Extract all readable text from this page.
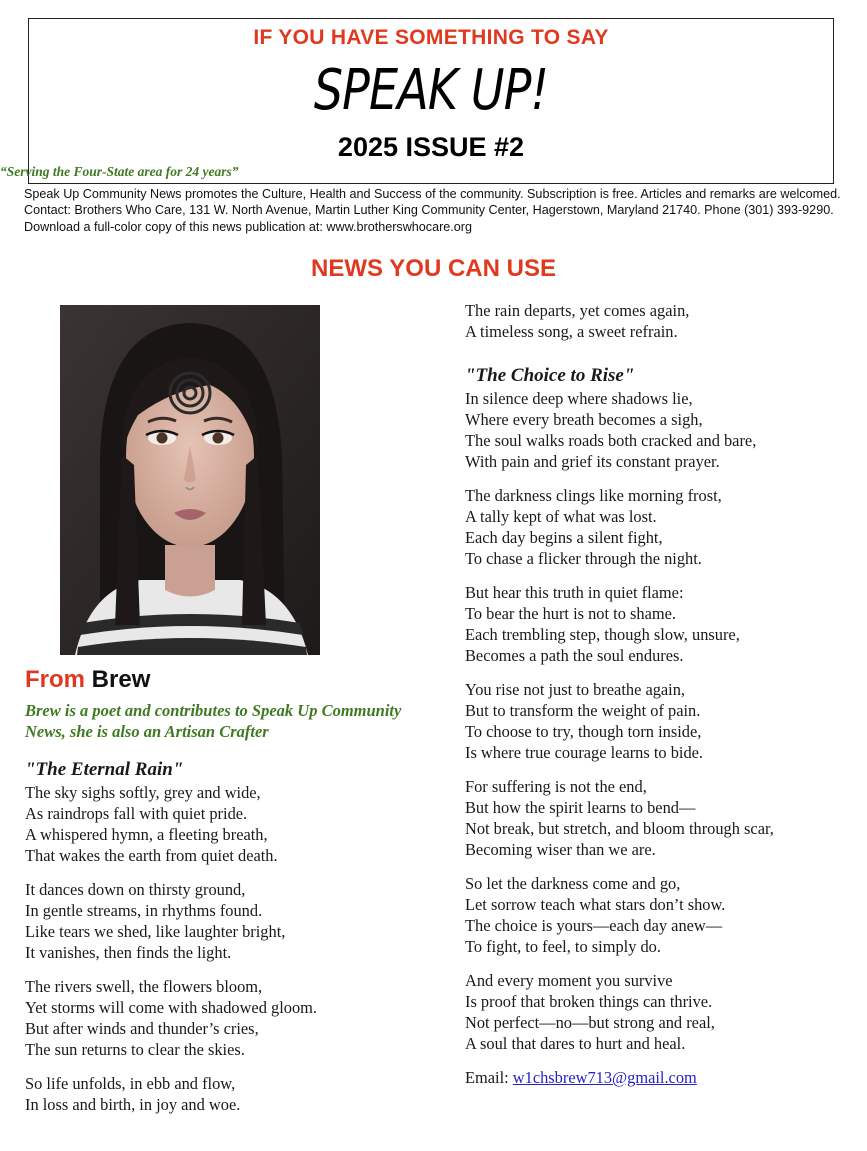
IF YOU HAVE SOMETHING TO SAY
SPEAK UP!
2025 ISSUE #2
“Serving the Four-State area for 24 years”
Speak Up Community News promotes the Culture, Health and Success of the community. Subscription is free. Articles and remarks are welcomed. Contact: Brothers Who Care, 131 W. North Avenue, Martin Luther King Community Center, Hagerstown, Maryland 21740. Phone (301) 393-9290. Download a full-color copy of this news publication at: www.brotherswhocare.org
NEWS YOU CAN USE
From Brew
Brew is a poet and contributes to Speak Up Community News, she is also an Artisan Crafter

"The Eternal Rain"

The sky sighs softly, grey and wide,
As raindrops fall with quiet pride.
A whispered hymn, a fleeting breath,
That wakes the earth from quiet death.
It dances down on thirsty ground,
In gentle streams, in rhythms found.
Like tears we shed, like laughter bright,
It vanishes, then finds the light.
The rivers swell, the flowers bloom,
Yet storms will come with shadowed gloom.
But after winds and thunder’s cries,
The sun returns to clear the skies.
So life unfolds, in ebb and flow,
In loss and birth, in joy and woe.
The rain departs, yet comes again,
A timeless song, a sweet refrain.

"The Choice to Rise"

In silence deep where shadows lie,
Where every breath becomes a sigh,
The soul walks roads both cracked and bare,
With pain and grief its constant prayer.
The darkness clings like morning frost,
A tally kept of what was lost.
Each day begins a silent fight,
To chase a flicker through the night.
But hear this truth in quiet flame:
To bear the hurt is not to shame.
Each trembling step, though slow, unsure,
Becomes a path the soul endures.
You rise not just to breathe again,
But to transform the weight of pain.
To choose to try, though torn inside,
Is where true courage learns to bide.
For suffering is not the end,
But how the spirit learns to bend—
Not break, but stretch, and bloom through scar,
Becoming wiser than we are.
So let the darkness come and go,
Let sorrow teach what stars don’t show.
The choice is yours—each day anew—
To fight, to feel, to simply do.
And every moment you survive
Is proof that broken things can thrive.
Not perfect—no—but strong and real,
A soul that dares to hurt and heal.
Email: w1chsbrew713@gmail.com
